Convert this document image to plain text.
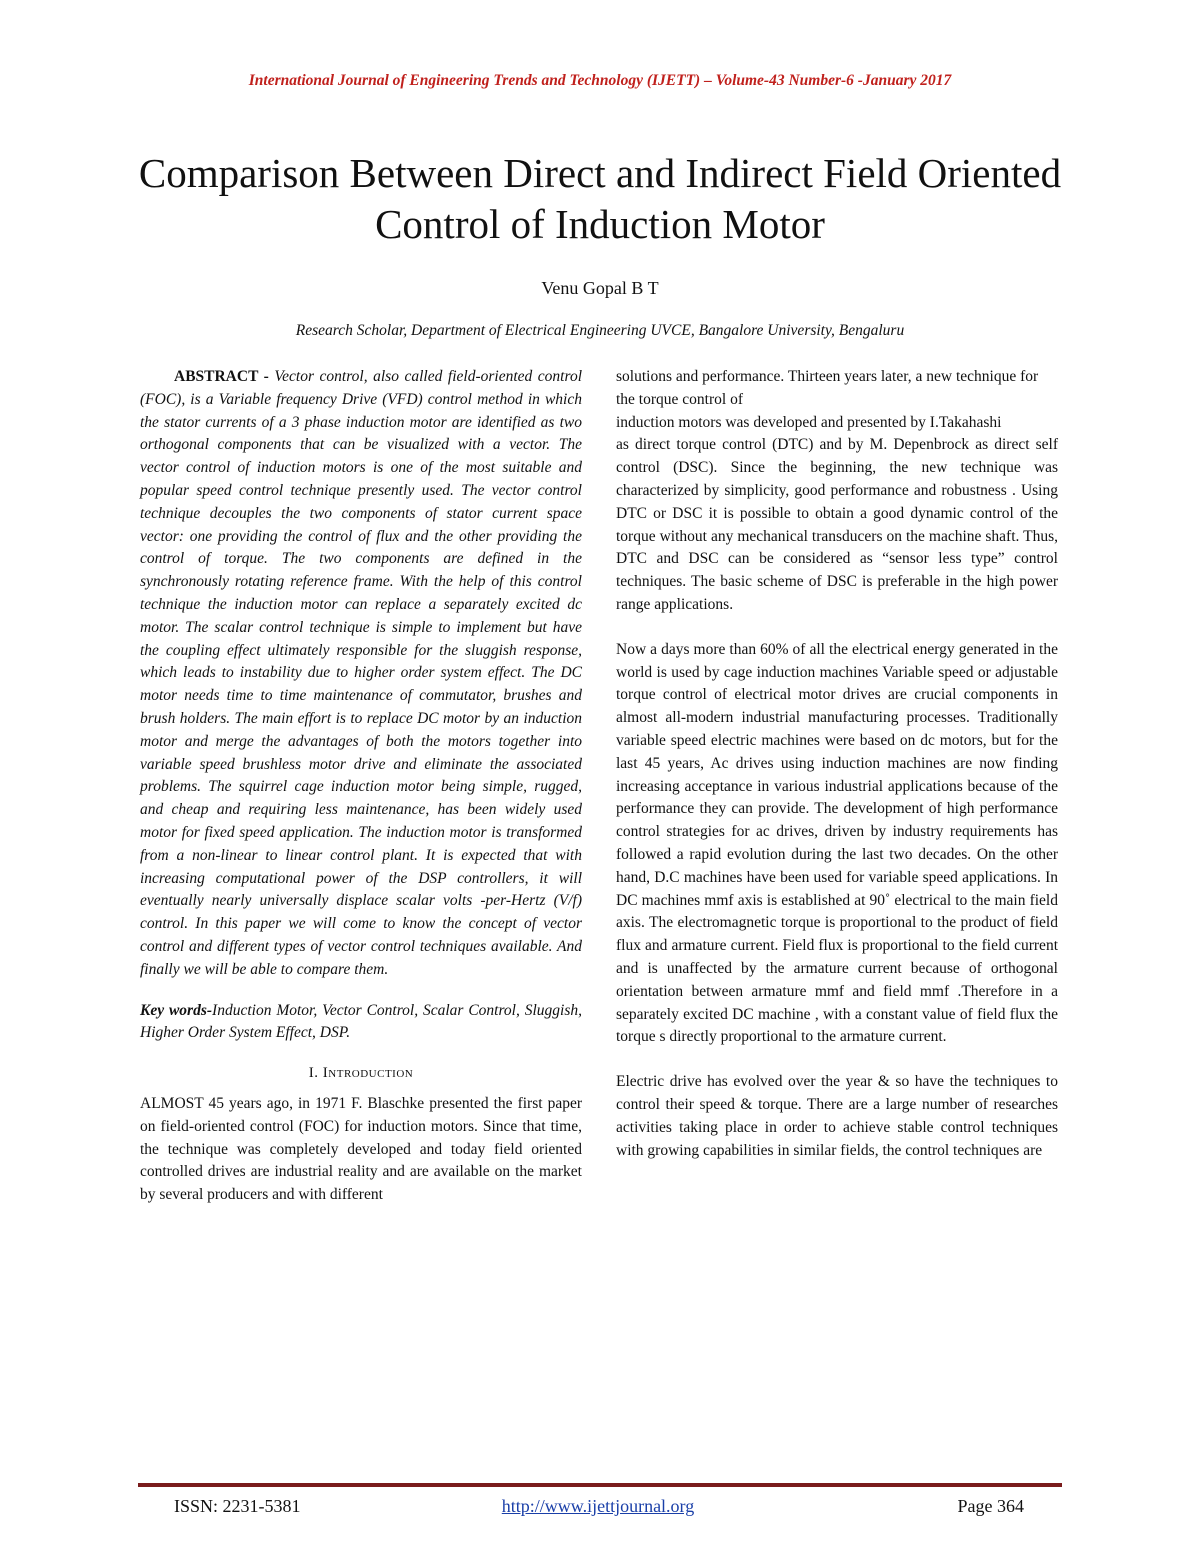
International Journal of Engineering Trends and Technology (IJETT) – Volume-43 Number-6 -January 2017
Comparison Between Direct and Indirect Field Oriented Control of Induction Motor
Venu Gopal B T
Research Scholar, Department of Electrical Engineering UVCE, Bangalore University, Bengaluru

ABSTRACT - Vector control, also called field-oriented control (FOC), is a Variable frequency Drive (VFD) control method in which the stator currents of a 3 phase induction motor are identified as two orthogonal components that can be visualized with a vector. The vector control of induction motors is one of the most suitable and popular speed control technique presently used. The vector control technique decouples the two components of stator current space vector: one providing the control of flux and the other providing the control of torque. The two components are defined in the synchronously rotating reference frame. With the help of this control technique the induction motor can replace a separately excited dc motor. The scalar control technique is simple to implement but have the coupling effect ultimately responsible for the sluggish response, which leads to instability due to higher order system effect. The DC motor needs time to time maintenance of commutator, brushes and brush holders. The main effort is to replace DC motor by an induction motor and merge the advantages of both the motors together into variable speed brushless motor drive and eliminate the associated problems. The squirrel cage induction motor being simple, rugged, and cheap and requiring less maintenance, has been widely used motor for fixed speed application. The induction motor is transformed from a non-linear to linear control plant. It is expected that with increasing computational power of the DSP controllers, it will eventually nearly universally displace scalar volts -per-Hertz (V/f) control. In this paper we will come to know the concept of vector control and different types of vector control techniques available. And finally we will be able to compare them.

Key words-Induction Motor, Vector Control, Scalar Control, Sluggish, Higher Order System Effect, DSP.

I. Introduction

ALMOST 45 years ago, in 1971 F. Blaschke presented the first paper on field-oriented control (FOC) for induction motors. Since that time, the technique was completely developed and today field oriented controlled drives are industrial reality and are available on the market by several producers and with different

solutions and performance. Thirteen years later, a new technique for the torque control of

induction motors was developed and presented by I.Takahashi

as direct torque control (DTC) and by M. Depenbrock as direct self control (DSC). Since the beginning, the new technique was characterized by simplicity, good performance and robustness . Using DTC or DSC it is possible to obtain a good dynamic control of the torque without any mechanical transducers on the machine shaft. Thus, DTC and DSC can be considered as “sensor less type” control techniques. The basic scheme of DSC is preferable in the high power range applications.

Now a days more than 60% of all the electrical energy generated in the world is used by cage induction machines Variable speed or adjustable torque control of electrical motor drives are crucial components in almost all-modern industrial manufacturing processes. Traditionally variable speed electric machines were based on dc motors, but for the last 45 years, Ac drives using induction machines are now finding increasing acceptance in various industrial applications because of the performance they can provide. The development of high performance control strategies for ac drives, driven by industry requirements has followed a rapid evolution during the last two decades. On the other hand, D.C machines have been used for variable speed applications. In DC machines mmf axis is established at 90˚ electrical to the main field axis. The electromagnetic torque is proportional to the product of field flux and armature current. Field flux is proportional to the field current and is unaffected by the armature current because of orthogonal orientation between armature mmf and field mmf .Therefore in a separately excited DC machine , with a constant value of field flux the torque s directly proportional to the armature current.

Electric drive has evolved over the year & so have the techniques to control their speed & torque. There are a large number of researches activities taking place in order to achieve stable control techniques with growing capabilities in similar fields, the control techniques are

ISSN: 2231-5381	http://www.ijettjournal.org	Page 364
